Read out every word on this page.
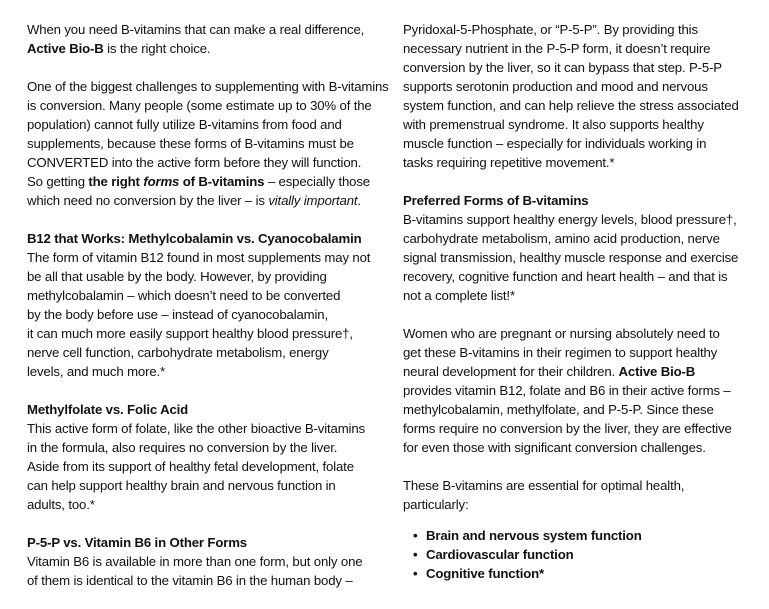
When you need B-vitamins that can make a real difference,
Active Bio-B is the right choice.

One of the biggest challenges to supplementing with B-vitamins
is conversion. Many people (some estimate up to 30% of the
population) cannot fully utilize B-vitamins from food and
supplements, because these forms of B-vitamins must be
CONVERTED into the active form before they will function.
So getting the right forms of B-vitamins – especially those
which need no conversion by the liver – is vitally important.

B12 that Works: Methylcobalamin vs. Cyanocobalamin
The form of vitamin B12 found in most supplements may not
be all that usable by the body. However, by providing
methylcobalamin – which doesn’t need to be converted
by the body before use – instead of cyanocobalamin,
it can much more easily support healthy blood pressure†,
nerve cell function, carbohydrate metabolism, energy
levels, and much more.*

Methylfolate vs. Folic Acid
This active form of folate, like the other bioactive B-vitamins
in the formula, also requires no conversion by the liver.
Aside from its support of healthy fetal development, folate
can help support healthy brain and nervous function in
adults, too.*

P-5-P vs. Vitamin B6 in Other Forms
Vitamin B6 is available in more than one form, but only one
of them is identical to the vitamin B6 in the human body –

Pyridoxal-5-Phosphate, or “P-5-P”. By providing this
necessary nutrient in the P-5-P form, it doesn’t require
conversion by the liver, so it can bypass that step. P-5-P
supports serotonin production and mood and nervous
system function, and can help relieve the stress associated
with premenstrual syndrome. It also supports healthy
muscle function – especially for individuals working in
tasks requiring repetitive movement.*

Preferred Forms of B-vitamins
B-vitamins support healthy energy levels, blood pressure†,
carbohydrate metabolism, amino acid production, nerve
signal transmission, healthy muscle response and exercise
recovery, cognitive function and heart health – and that is
not a complete list!*

Women who are pregnant or nursing absolutely need to
get these B-vitamins in their regimen to support healthy
neural development for their children. Active Bio-B
provides vitamin B12, folate and B6 in their active forms –
methylcobalamin, methylfolate, and P-5-P. Since these
forms require no conversion by the liver, they are effective
for even those with significant conversion challenges.

These B-vitamins are essential for optimal health,
particularly:

• Brain and nervous system function
• Cardiovascular function
• Cognitive function*
